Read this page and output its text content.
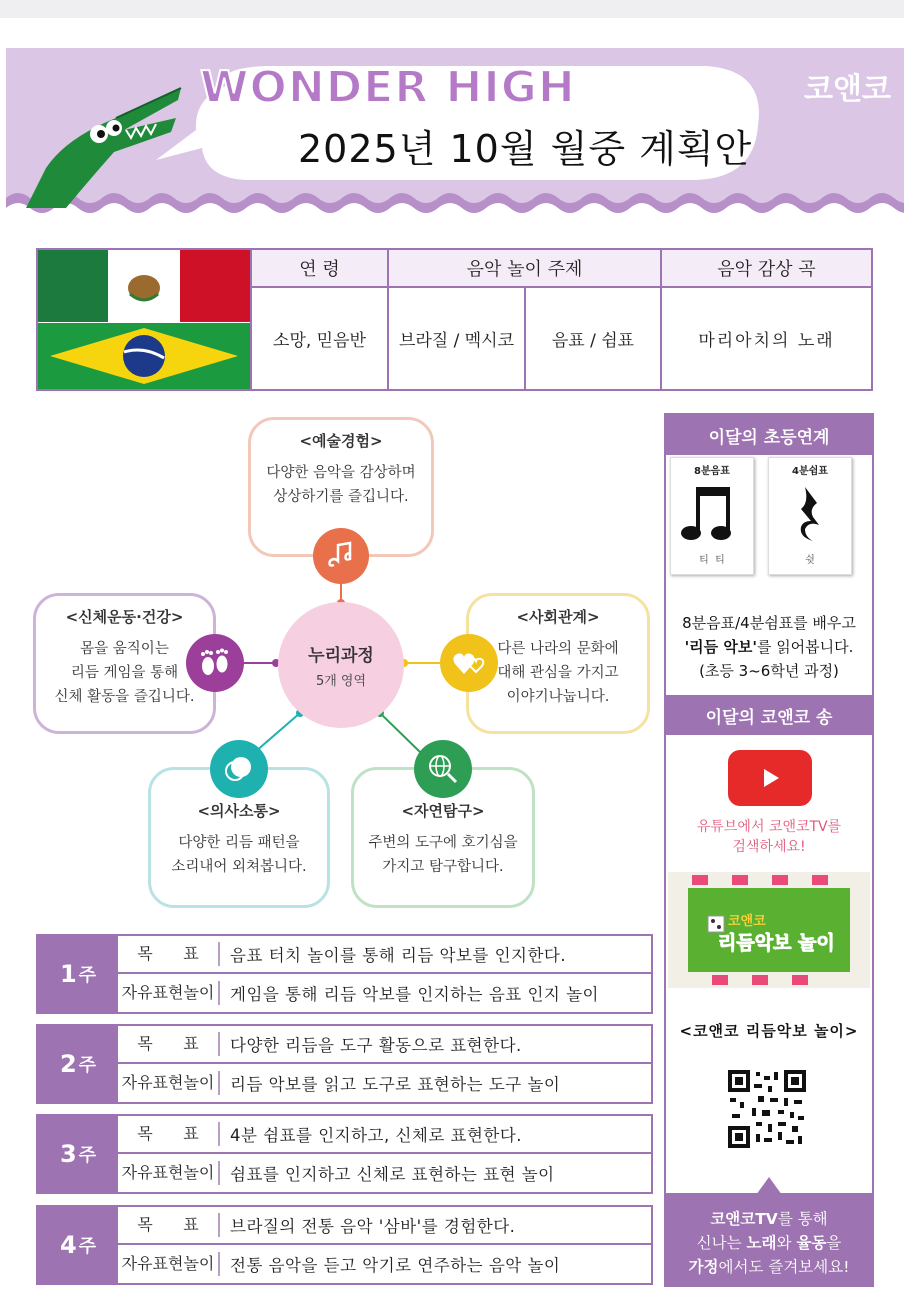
WONDER HIGH	코앤코
2025년 10월 월중 계획안
연 령	음악 놀이 주제	음악 감상 곡
소망, 믿음반	브라질 / 멕시코	음표 / 쉼표	마리아치의 노래
<예술경험>
다양한 음악을 감상하며
상상하기를 즐깁니다.
<사회관계>
다른 나라의 문화에
대해 관심을 가지고
이야기나눕니다.
<신체운동·건강>
몸을 움직이는
리듬 게임을 통해
신체 활동을 즐깁니다.
누리과정
5개 영역
<의사소통>
다양한 리듬 패턴을
소리내어 외쳐봅니다.
<자연탐구>
주변의 도구에 호기심을
가지고 탐구합니다.
1 주
목      표	음표 터치 놀이를 통해 리듬 악보를 인지한다.
자유표현놀이 게임을 통해 리듬 악보를 인지하는 음표 인지 놀이
2 주
목      표	다양한 리듬을 도구 활동으로 표현한다.
자유표현놀이 리듬 악보를 읽고 도구로 표현하는 도구 놀이
3 주
목      표	4분 쉼표를 인지하고, 신체로 표현한다.
자유표현놀이 쉼표를 인지하고 신체로 표현하는 표현 놀이
4 주
목      표	브라질의 전통 음악 '삼바'를 경험한다.
자유표현놀이 전통 음악을 듣고 악기로 연주하는 음악 놀이
이달의 초등연계
8분음표
티  티
4분쉼표
쉿
8분음표/4분쉼표를 배우고
'리듬 악보'를 읽어봅니다.
(초등 3~6학년 과정)
이달의 코앤코 송
유튜브에서 코앤코TV를
검색하세요!
코앤코
리듬악보 놀이
<코앤코 리듬악보 놀이>
코앤코TV를 통해
신나는 노래와 율동을
가정에서도 즐겨보세요!
